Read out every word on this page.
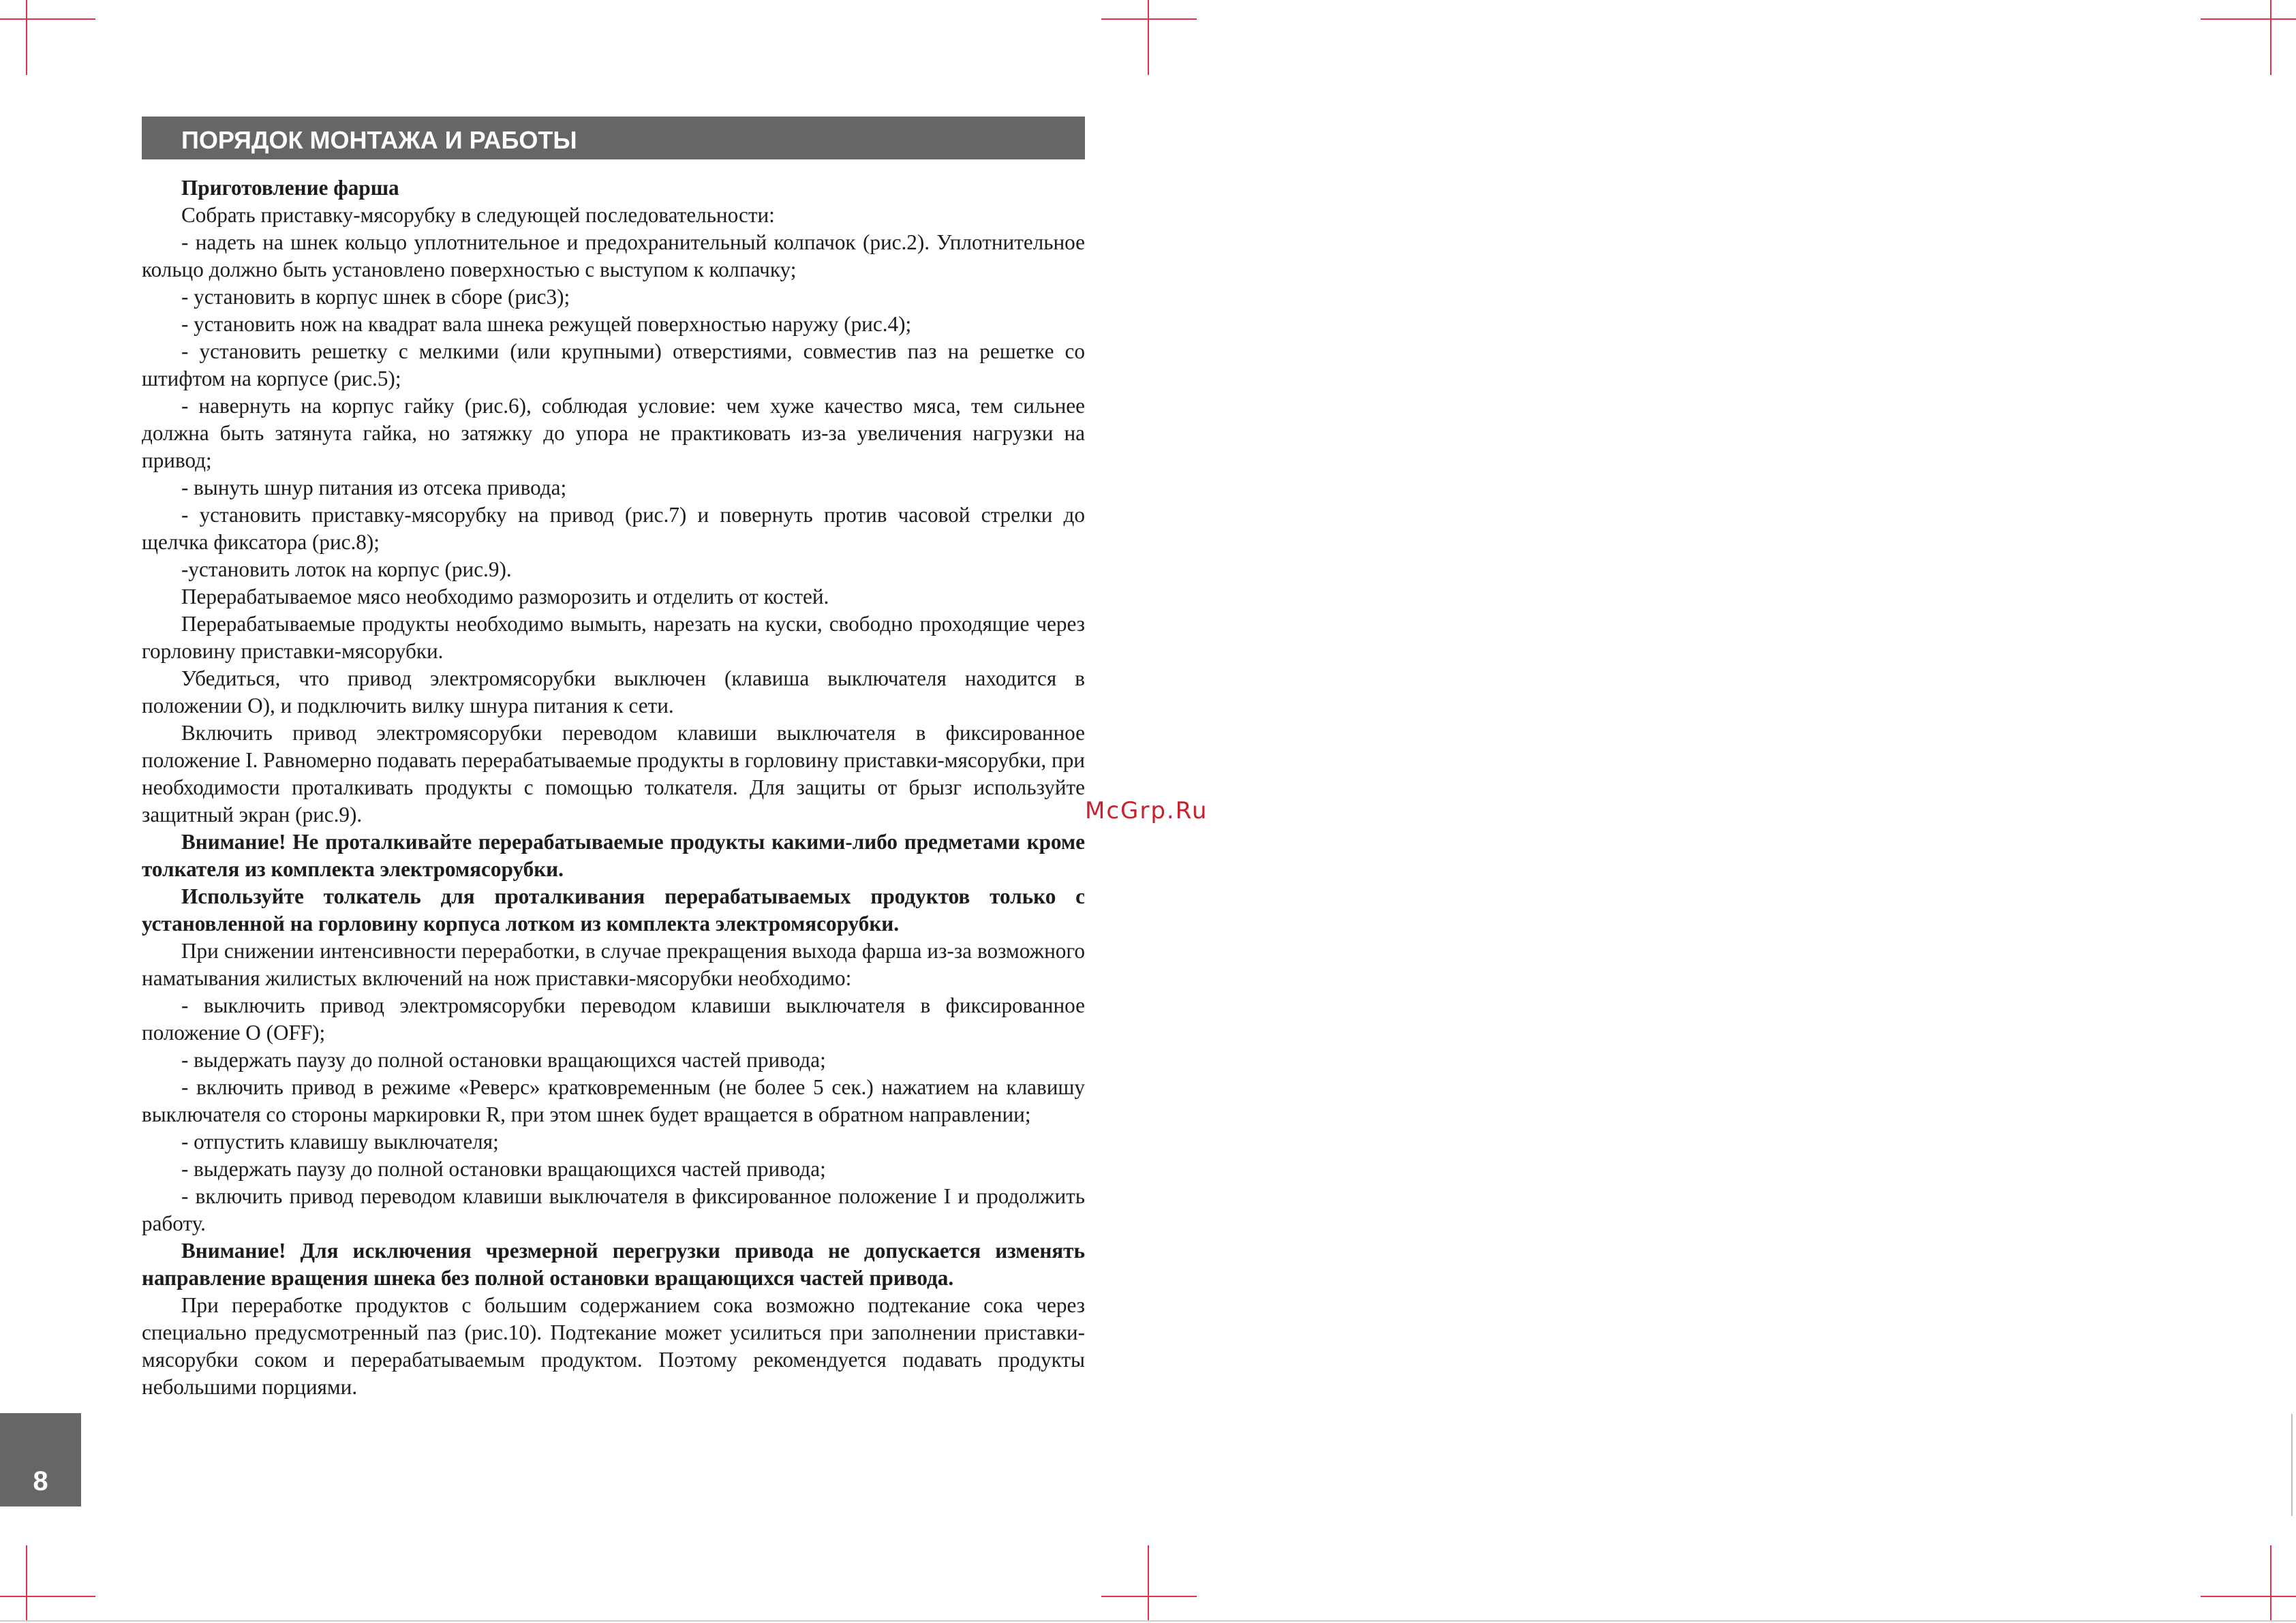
ПОРЯДОК МОНТАЖА И РАБОТЫ

Приготовление фарша

Собрать приставку-мясорубку в следующей последовательности:

- надеть на шнек кольцо уплотнительное и предохранительный колпачок (рис.2). Уплотнительное кольцо должно быть установлено поверхностью с выступом к колпачку;

- установить в корпус шнек в сборе (рис3);

- установить нож на квадрат вала шнека режущей поверхностью наружу (рис.4);

- установить решетку с мелкими (или крупными) отверстиями, совместив паз на решетке со штифтом на корпусе (рис.5);

- навернуть на корпус гайку (рис.6), соблюдая условие: чем хуже качество мяса, тем сильнее должна быть затянута гайка, но затяжку до упора не практиковать из-за увеличения нагрузки на привод;

- вынуть шнур питания из отсека привода;

- установить приставку-мясорубку на привод (рис.7) и повернуть против часовой стрелки до щелчка фиксатора (рис.8);

-установить лоток на корпус (рис.9).

Перерабатываемое мясо необходимо разморозить и отделить от костей.

Перерабатываемые продукты необходимо вымыть, нарезать на куски, свободно проходящие через горловину приставки-мясорубки.

Убедиться, что привод электромясорубки выключен (клавиша выключателя находится в положении O), и подключить вилку шнура питания к сети.

Включить привод электромясорубки переводом клавиши выключателя в фиксированное положение I. Равномерно подавать перерабатываемые продукты в горловину приставки-мясорубки, при необходимости проталкивать продукты с помощью толкателя. Для защиты от брызг используйте защитный экран (рис.9).

Внимание! Не проталкивайте перерабатываемые продукты какими-либо предметами кроме толкателя из комплекта электромясорубки.

Используйте толкатель для проталкивания перерабатываемых продуктов только с установленной на горловину корпуса лотком из комплекта электромясорубки.

При снижении интенсивности переработки, в случае прекращения выхода фарша из-за возможного наматывания жилистых включений на нож приставки-мясорубки необходимо:

- выключить привод электромясорубки переводом клавиши выключателя в фиксированное положение O (OFF);

- выдержать паузу до полной остановки вращающихся частей привода;

- включить привод в режиме «Реверс» кратковременным (не более 5 сек.) нажатием на клавишу выключателя со стороны маркировки R, при этом шнек будет вращается в обратном направлении;

- отпустить клавишу выключателя;

- выдержать паузу до полной остановки вращающихся частей привода;

- включить привод переводом клавиши выключателя в фиксированное положение I и продолжить работу.

Внимание! Для исключения чрезмерной перегрузки привода не допускается изменять направление вращения шнека без полной остановки вращающихся частей привода.

При переработке продуктов с большим содержанием сока возможно подтекание сока через специально предусмотренный паз (рис.10). Подтекание может усилиться при заполнении приставки-мясорубки соком и перерабатываемым продуктом. Поэтому рекомендуется подавать продукты небольшими порциями.

McGrp.Ru
8
